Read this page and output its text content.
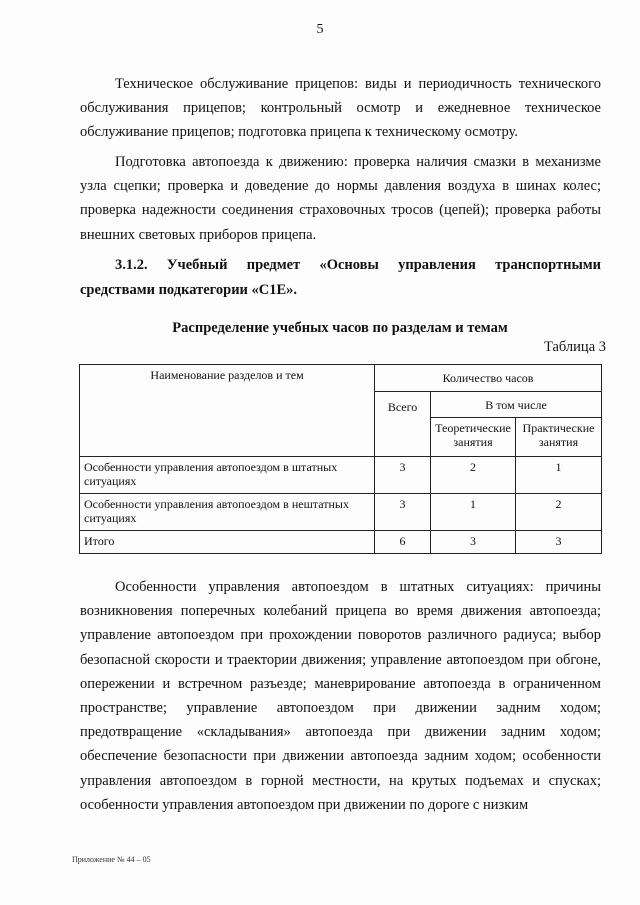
5

Техническое обслуживание прицепов: виды и периодичность технического обслуживания прицепов; контрольный осмотр и ежедневное техническое обслуживание прицепов; подготовка прицепа к техническому осмотру.

Подготовка автопоезда к движению: проверка наличия смазки в механизме узла сцепки; проверка и доведение до нормы давления воздуха в шинах колес; проверка надежности соединения страховочных тросов (цепей); проверка работы внешних световых приборов прицепа.

3.1.2. Учебный предмет «Основы управления транспортными средствами подкатегории «С1Е».

Распределение учебных часов по разделам и темам
Таблица 3
Наименование разделов и тем	Количество часов		
	Всего	В том числе	
		Теоретические занятия	Практические занятия
Особенности управления автопоездом в штатных ситуациях	3	2	1
Особенности управления автопоездом в нештатных ситуациях	3	1	2
Итого	6	3	3

Особенности управления автопоездом в штатных ситуациях: причины возникновения поперечных колебаний прицепа во время движения автопоезда; управление автопоездом при прохождении поворотов различного радиуса; выбор безопасной скорости и траектории движения; управление автопоездом при обгоне, опережении и встречном разъезде; маневрирование автопоезда в ограниченном пространстве; управление автопоездом при движении задним ходом; предотвращение «складывания» автопоезда при движении задним ходом; обеспечение безопасности при движении автопоезда задним ходом; особенности управления автопоездом в горной местности, на крутых подъемах и спусках; особенности управления автопоездом при движении по дороге с низким

Приложение № 44 – 05
